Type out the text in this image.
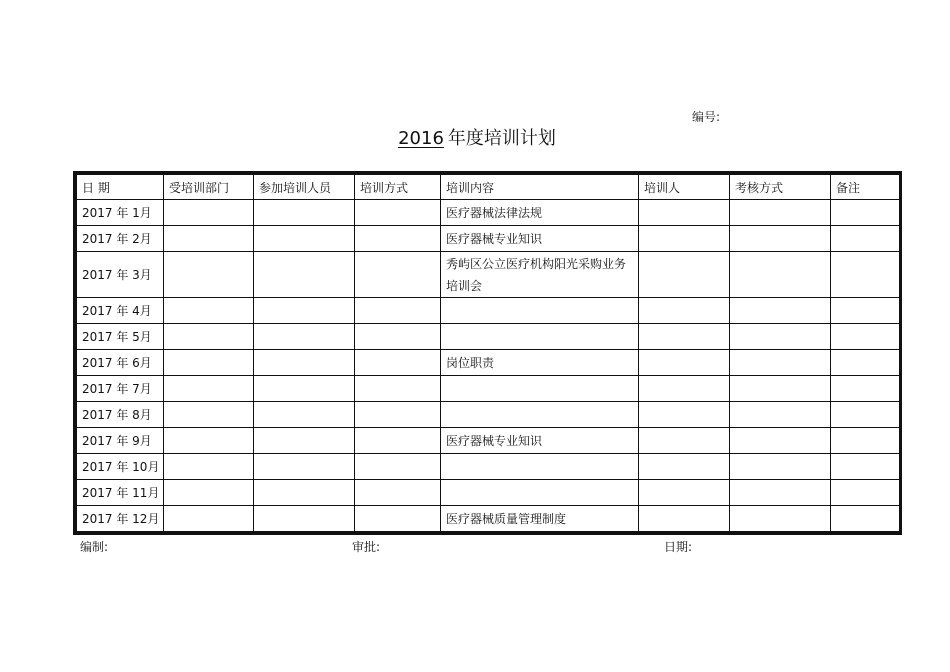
编号:
2016 年度培训计划
日 期	受培训部门	参加培训人员	培训方式	培训内容	培训人	考核方式	备注
2017 年 1月				医疗器械法律法规			
2017 年 2月				医疗器械专业知识			
2017 年 3月				秀屿区公立医疗机构阳光采购业务培训会			
2017 年 4月							
2017 年 5月							
2017 年 6月				岗位职责			
2017 年 7月							
2017 年 8月							
2017 年 9月				医疗器械专业知识			
2017 年 10月							
2017 年 11月							
2017 年 12月				医疗器械质量管理制度			
编制:	审批:	日期:
